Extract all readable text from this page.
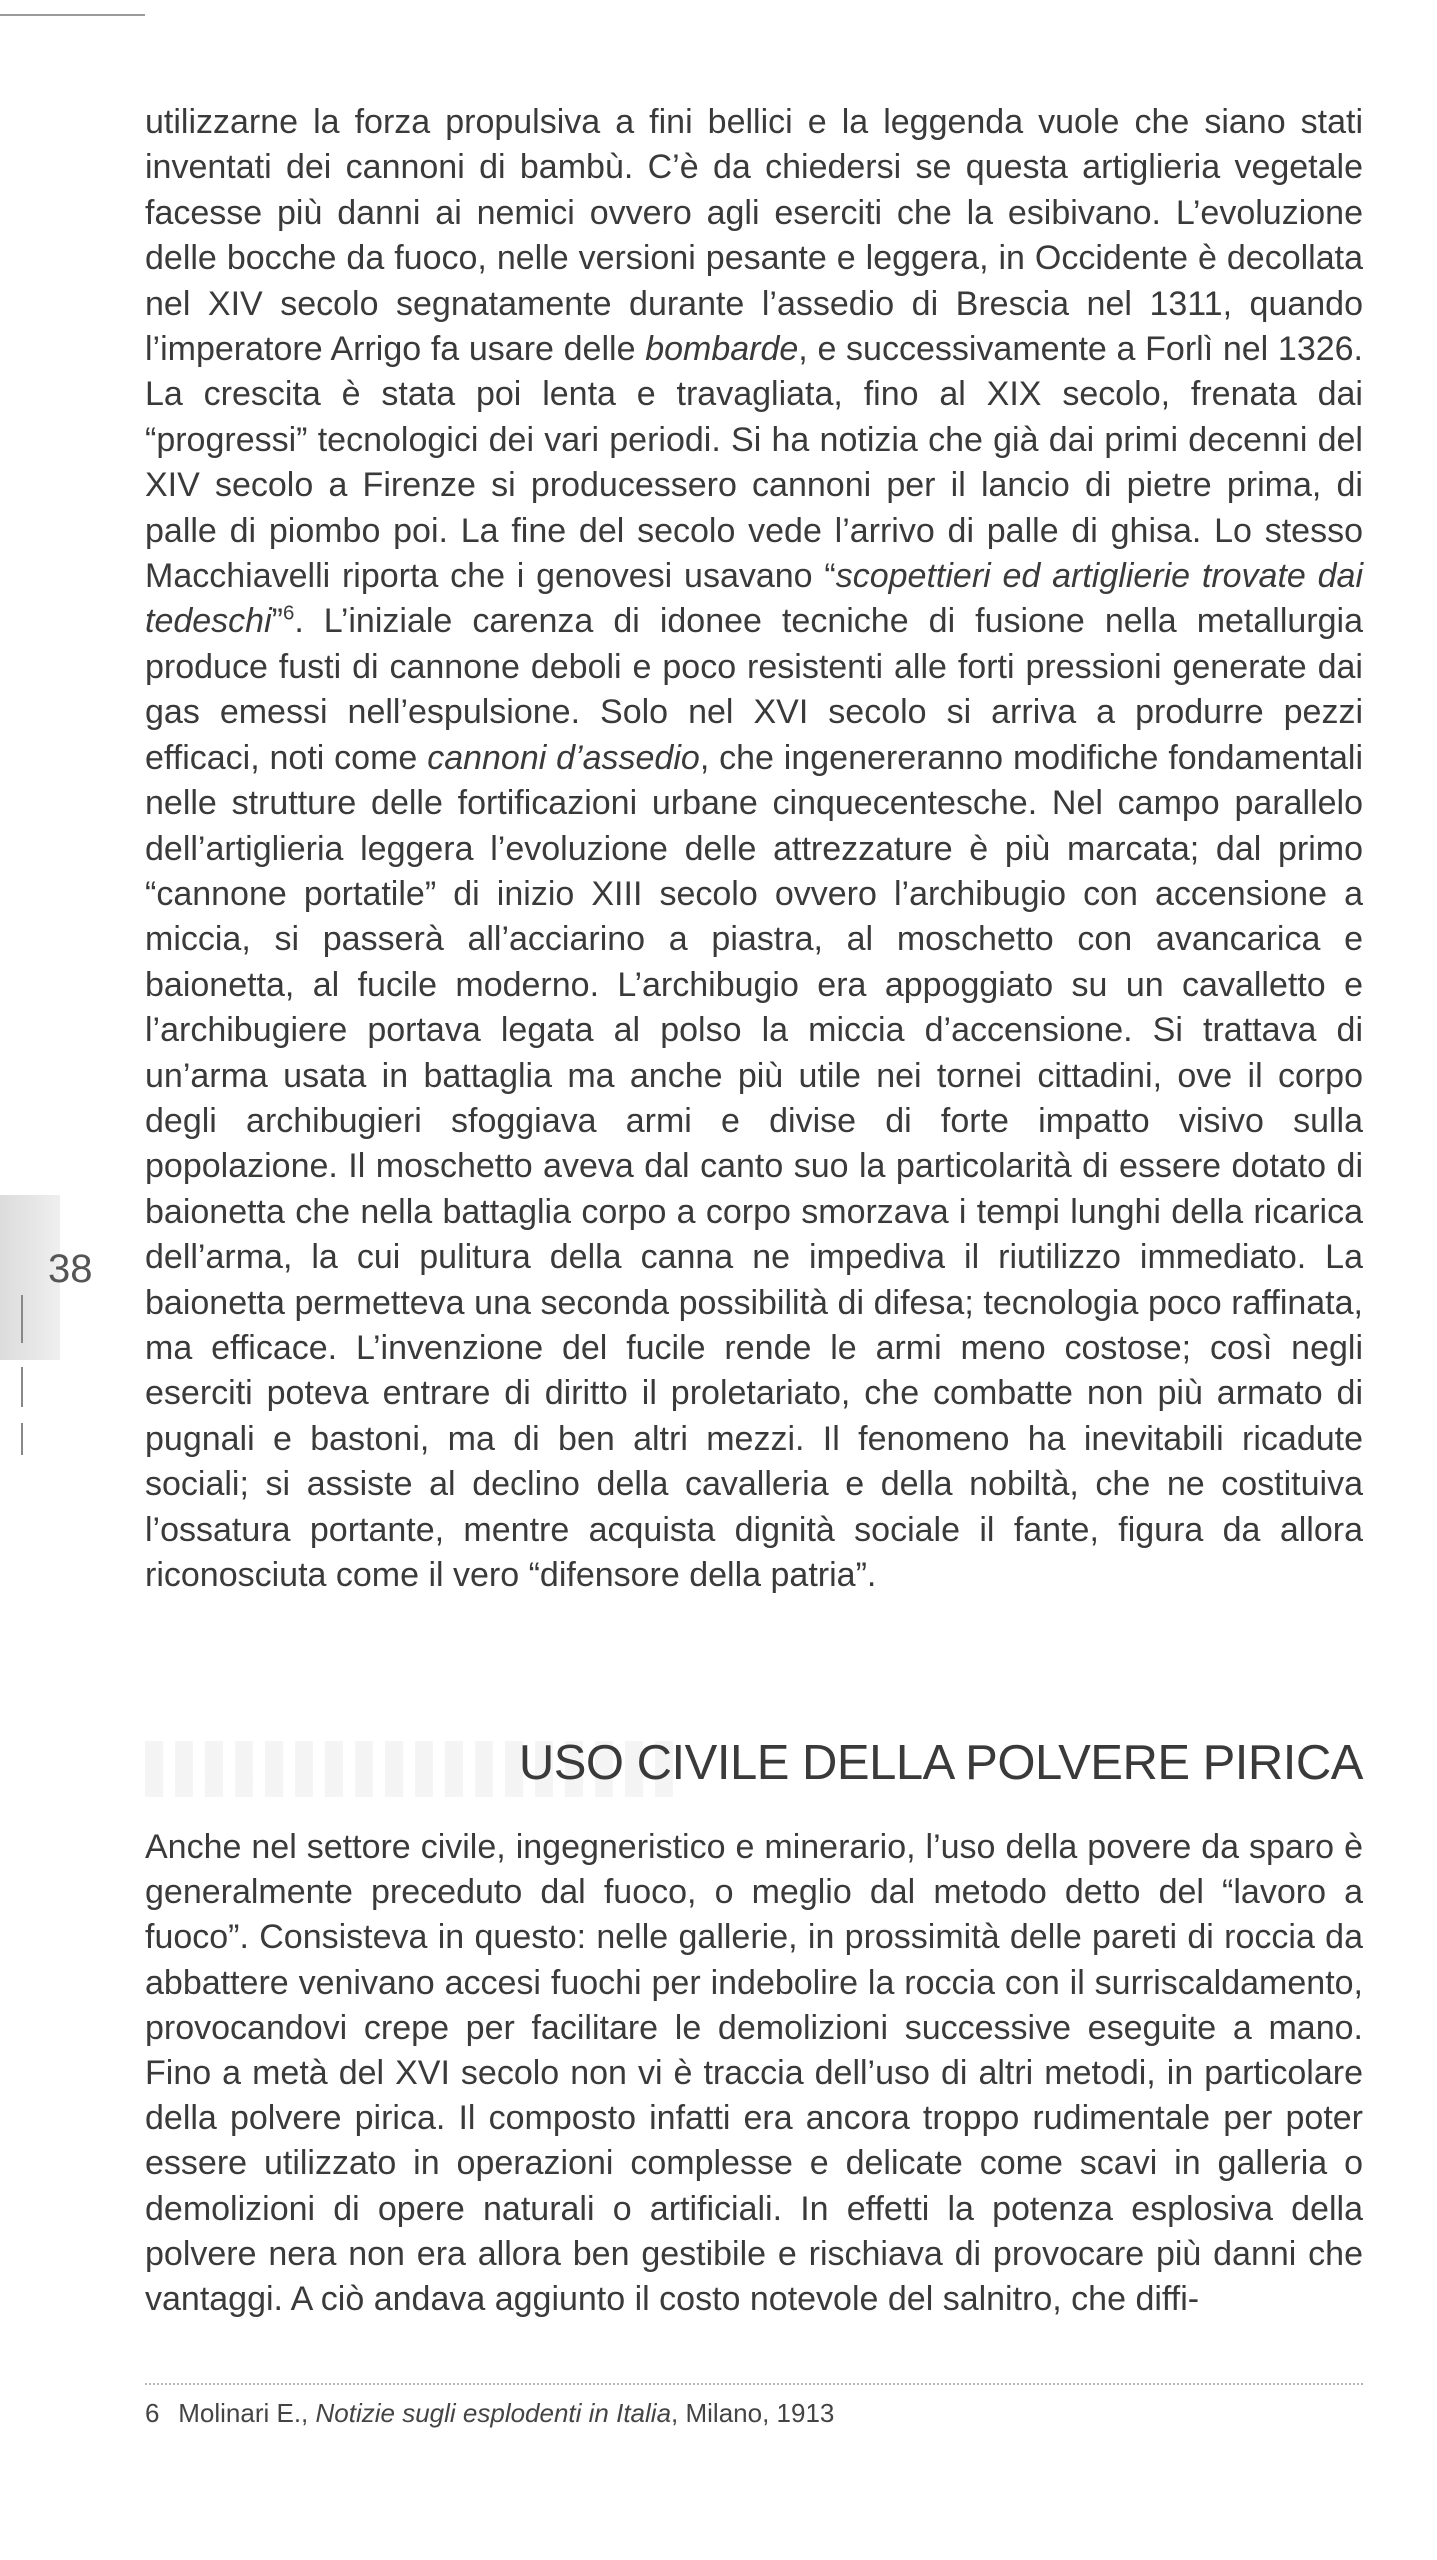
38

utilizzarne la forza propulsiva a fini bellici e la leggenda vuole che siano stati inventati dei cannoni di bambù. C’è da chiedersi se questa artiglieria vegetale facesse più danni ai nemici ovvero agli eserciti che la esibivano. L’evoluzione delle bocche da fuoco, nelle versioni pesante e leggera, in Occidente è decollata nel XIV secolo segnatamente durante l’assedio di Brescia nel 1311, quando l’imperatore Arrigo fa usare delle bombarde, e successivamente a Forlì nel 1326. La crescita è stata poi lenta e travagliata, fino al XIX secolo, frenata dai “progressi” tecnologici dei vari periodi. Si ha notizia che già dai primi decenni del XIV secolo a Firenze si producessero cannoni per il lancio di pietre prima, di palle di piombo poi. La fine del secolo vede l’arrivo di palle di ghisa. Lo stesso Macchiavelli riporta che i genovesi usavano “scopettieri ed artiglierie trovate dai tedeschi”$^6$. L’iniziale carenza di idonee tecniche di fusione nella metallurgia produce fusti di cannone deboli e poco resistenti alle forti pressioni generate dai gas emessi nell’espulsione. Solo nel XVI secolo si arriva a produrre pezzi efficaci, noti come cannoni d’assedio, che ingenereranno modifiche fondamentali nelle strutture delle fortificazioni urbane cinquecentesche. Nel campo parallelo dell’artiglieria leggera l’evoluzione delle attrezzature è più marcata; dal primo “cannone portatile” di inizio XIII secolo ovvero l’archibugio con accensione a miccia, si passerà all’acciarino a piastra, al moschetto con avancarica e baionetta, al fucile moderno. L’archibugio era appoggiato su un cavalletto e l’archibugiere portava legata al polso la miccia d’accensione. Si trattava di un’arma usata in battaglia ma anche più utile nei tornei cittadini, ove il corpo degli archibugieri sfoggiava armi e divise di forte impatto visivo sulla popolazione. Il moschetto aveva dal canto suo la particolarità di essere dotato di baionetta che nella battaglia corpo a corpo smorzava i tempi lunghi della ricarica dell’arma, la cui pulitura della canna ne impediva il riutilizzo immediato. La baionetta permetteva una seconda possibilità di difesa; tecnologia poco raffinata, ma efficace. L’invenzione del fucile rende le armi meno costose; così negli eserciti poteva entrare di diritto il proletariato, che combatte non più armato di pugnali e bastoni, ma di ben altri mezzi. Il fenomeno ha inevitabili ricadute sociali; si assiste al declino della cavalleria e della nobiltà, che ne costituiva l’ossatura portante, mentre acquista dignità sociale il fante, figura da allora riconosciuta come il vero “difensore della patria”.

USO CIVILE DELLA POLVERE PIRICA

Anche nel settore civile, ingegneristico e minerario, l’uso della povere da sparo è generalmente preceduto dal fuoco, o meglio dal metodo detto del “lavoro a fuoco”. Consisteva in questo: nelle gallerie, in prossimità delle pareti di roccia da abbattere venivano accesi fuochi per indebolire la roccia con il surriscaldamento, provocandovi crepe per facilitare le demolizioni successive eseguite a mano. Fino a metà del XVI secolo non vi è traccia dell’uso di altri metodi, in particolare della polvere pirica. Il composto infatti era ancora troppo rudimentale per poter essere utilizzato in operazioni complesse e delicate come scavi in galleria o demolizioni di opere naturali o artificiali. In effetti la potenza esplosiva della polvere nera non era allora ben gestibile e rischiava di provocare più danni che vantaggi. A ciò andava aggiunto il costo notevole del salnitro, che diffi-

6 Molinari E., Notizie sugli esplodenti in Italia, Milano, 1913
